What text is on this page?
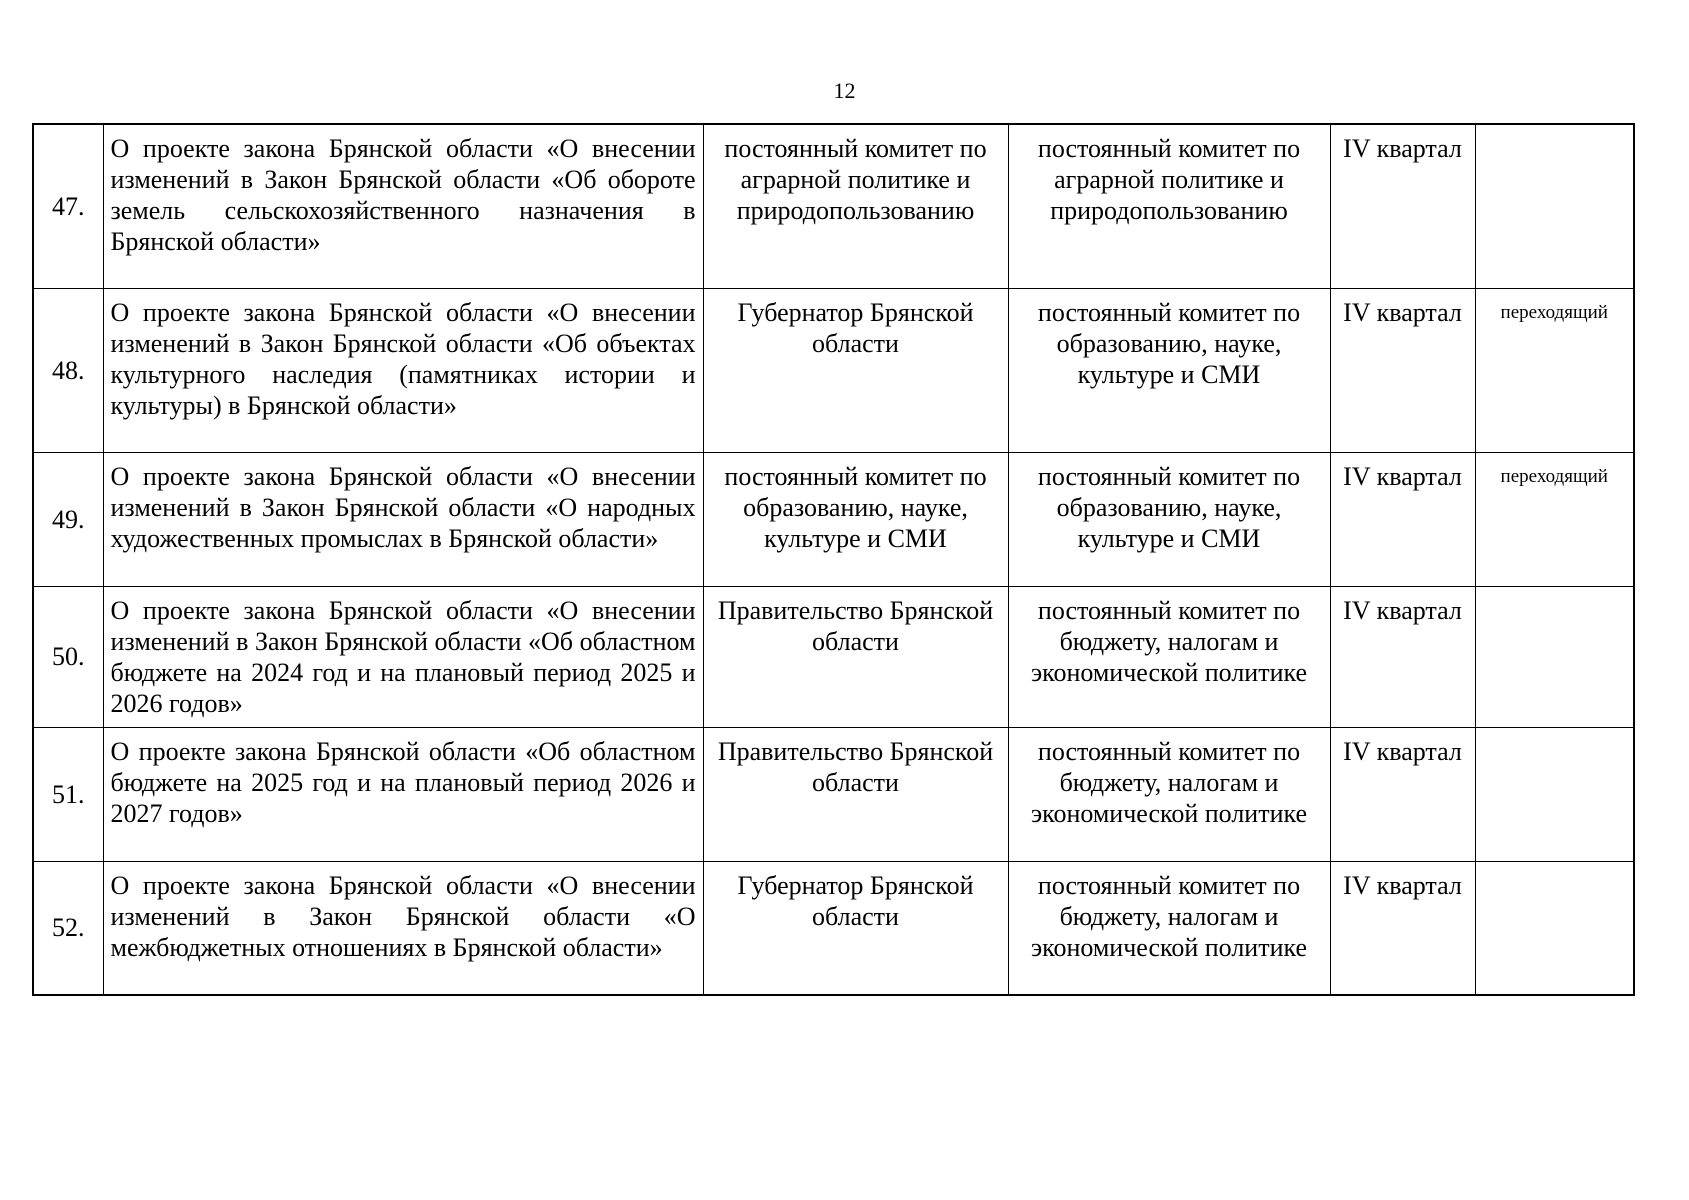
12
47.	О проекте закона Брянской области «О внесении изменений в Закон Брянской области «Об обороте земель сельскохозяйственного назначения в Брянской области»	постоянный комитет по аграрной политике и природопользованию	постоянный комитет по аграрной политике и природопользованию	IV квартал	
48.	О проекте закона Брянской области «О внесении изменений в Закон Брянской области «Об объектах культурного наследия (памятниках истории и культуры) в Брянской области»	Губернатор Брянской области	постоянный комитет по образованию, науке, культуре и СМИ	IV квартал	переходящий
49.	О проекте закона Брянской области «О внесении изменений в Закон Брянской области «О народных художественных промыслах в Брянской области»	постоянный комитет по образованию, науке, культуре и СМИ	постоянный комитет по образованию, науке, культуре и СМИ	IV квартал	переходящий
50.	О проекте закона Брянской области «О внесении изменений в Закон Брянской области «Об областном бюджете на 2024 год и на плановый период 2025 и 2026 годов»	Правительство Брянской области	постоянный комитет по бюджету, налогам и экономической политике	IV квартал	
51.	О проекте закона Брянской области «Об областном бюджете на 2025 год и на плановый период 2026 и 2027 годов»	Правительство Брянской области	постоянный комитет по бюджету, налогам и экономической политике	IV квартал	
52.	О проекте закона Брянской области «О внесении изменений в Закон Брянской области «О межбюджетных отношениях в Брянской области»	Губернатор Брянской области	постоянный комитет по бюджету, налогам и экономической политике	IV квартал	
